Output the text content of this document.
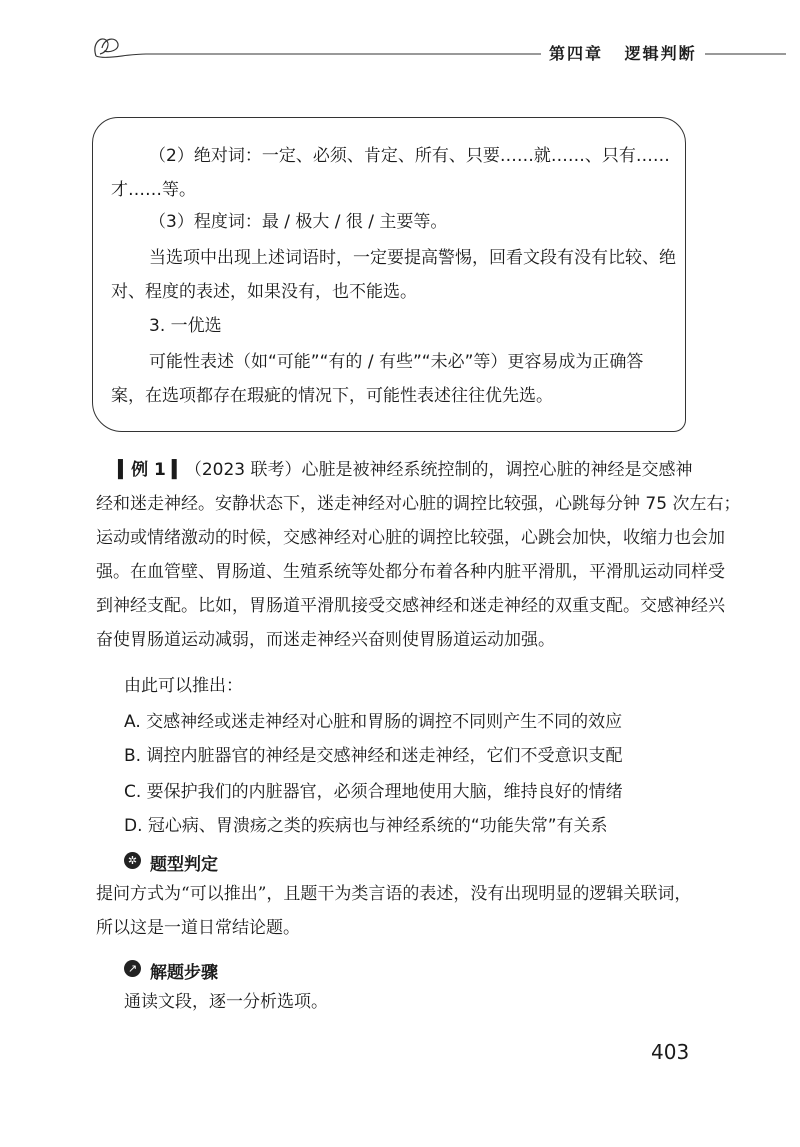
第四章 逻辑判断

（2）绝对词：一定、必须、肯定、所有、只要……就……、只有……

才……等。

（3）程度词：最 / 极大 / 很 / 主要等。

当选项中出现上述词语时，一定要提高警惕，回看文段有没有比较、绝

对、程度的表述，如果没有，也不能选。

3. 一优选

可能性表述（如“可能”“有的 / 有些”“未必”等）更容易成为正确答

案，在选项都存在瑕疵的情况下，可能性表述往往优先选。

▍例 1 ▍（2023 联考）心脏是被神经系统控制的，调控心脏的神经是交感神

经和迷走神经。安静状态下，迷走神经对心脏的调控比较强，心跳每分钟 75 次左右；

运动或情绪激动的时候，交感神经对心脏的调控比较强，心跳会加快，收缩力也会加

强。在血管壁、胃肠道、生殖系统等处都分布着各种内脏平滑肌，平滑肌运动同样受

到神经支配。比如，胃肠道平滑肌接受交感神经和迷走神经的双重支配。交感神经兴

奋使胃肠道运动减弱，而迷走神经兴奋则使胃肠道运动加强。

由此可以推出：

A. 交感神经或迷走神经对心脏和胃肠的调控不同则产生不同的效应

B. 调控内脏器官的神经是交感神经和迷走神经，它们不受意识支配

C. 要保护我们的内脏器官，必须合理地使用大脑，维持良好的情绪

D. 冠心病、胃溃疡之类的疾病也与神经系统的“功能失常”有关系

✲ 题型判定

提问方式为“可以推出”，且题干为类言语的表述，没有出现明显的逻辑关联词，

所以这是一道日常结论题。

↗ 解题步骤

通读文段，逐一分析选项。

403
